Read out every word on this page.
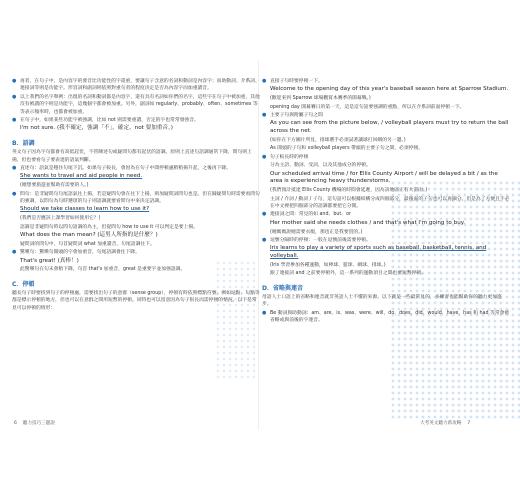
● 再者，在句子中，是內容字的發音比功能性的字還重，要讓句子含意的名詞和動詞是內容字；而助動詞、介系詞、連接詞等則是功能字。形容詞和副詞則依照對重句者的程度決定是否為內容字而加重讀音。

● 以上我們的名字舉例：出現的名詞和動詞都是內容字，還有具有名詞如你們的名字，這些字在句子中被加重，其他沒有被讀的字則是功能字，這幾個字都會被加重。另外，副詞如 regularly、probably、often、sometimes 等等表示頻率時，也都會被加重。

● 在句子中，如果某些功能字被強調，比如 not 則需要重讀，否定的字也常常發強音。

I'm not sure. (我不確定，強調「不」，確定、not 要加重音。)

B．語調

英文句子因為字句都會有高低起伏，不管陳述句或疑問句都有起伏的語調。原則上直述句語調通常下降，問句則上揚，但也要看句子要表達的語氣判斷。

● 直述句：語氣是穩住句尾下沉。如果句子較長，會因為在句子中間停頓處稍稍揚升起，之後再下降。

She wants to travel and aid people in need.

(她想要旅遊並幫助有需要的人。)

● 問句：是非疑問句句尾語氣往上揚，若是疑問句會在往下上揚，則加疑問詞問句也是。但在歸疑問句時需要看問句的強調，以問句為句時選項的句子則語調就要看問句中來決定語調。

Should we take classes to learn how to use it?

(我們是否應該上課學習如何使用它？)

語調是非疑問句時以問句語調的為主，但從問句 how to use it 可以判定是要上揚。

What does the man mean? (這男人所指的是什麼？)

疑問詞的問句中，句首疑問詞 what 加重讀音，句尾語調往下。

● 驚嘆句：驚嘆句開頭的字會加重音，句尾語調會往下降。

That's great! (真棒！)

此驚嘆句在句末會稍下降，句首 that's 加重音，great 是重要字並加強語調。

C．停頓

聽長句子時要找到句子的停頓處，需要找出句子的意群（sense group），停頓有時依照標點符號，例如逗點、句點等都是標示停頓的地方，但也可以在意群之間用短暫的停頓。同時也可以留意因為句子很長而需停頓的情況。以下是常見可以停頓的情形：

6 聽力技巧三題說

● 直接子句時要停頓一下。

Welcome to the opening day of this year's baseball season here at Sparrow Stadium.

(歡迎來到 Sparrow 球場觀賞本賽季的開幕戰。)

opening day 開幕賽日的第一天，這是這句話要強調的重點，所以在介系詞前面停頓一下。

● 主要子句與附屬子句之間

As you can see from the picture below, / volleyball players must try to return the ball across the net.

(如你在下方圖片所見，排球選手必須試著讓球打回網的另一邊。)

As 開頭的子句和 volleyball players 帶頭的主要子句之間，必須停頓。

● 句子較長時的停頓

分為主語、動詞、受詞，以及其他成分的停頓。

Our scheduled arrival time / for Ellis County Airport / will be delayed a bit / as the area is experiencing heavy thunderstorms.

(我們預計抵達 Ellis County 機場的時間會延遲，因為該地區正有大雷雨。)

主詞 / 介詞 / 動詞 / 子句，這句話可以根據結構分成四個部分，最後面的子句也可以再細分。但是為了方便且不必在中文裡把四個部分的語調都要把它分開。

● 連接詞之間：常見的如 and、but、or

Her mother said she needs clothes / and that's what I'm going to buy.

(她媽媽說她需要衣服，那也正是我要買的。)

● 逗號分隔時的停頓：一般在逗號前後需要停頓。

Iris learns to play a variety of sports such as baseball, basketball, tennis, and volleyball.

(Iris 學習參加各種運動，如棒球、籃球、網球、排球。)

跟了連接詞 and 之前要停頓外，這一系列的運動項目之間也要短暫停頓。

D．省略與連音

母語人士口語上的省略和連音就非英語人士不懂的來源。以下就是一些最常見的，多練習也能幫助你的聽力更加進步。

● Be 動詞與助動詞：am、are、is、was、were、will、do、does、did、would、have、has 和 had 等常會被省略或與前後的字連音。

大考英文聽力新攻略 7
